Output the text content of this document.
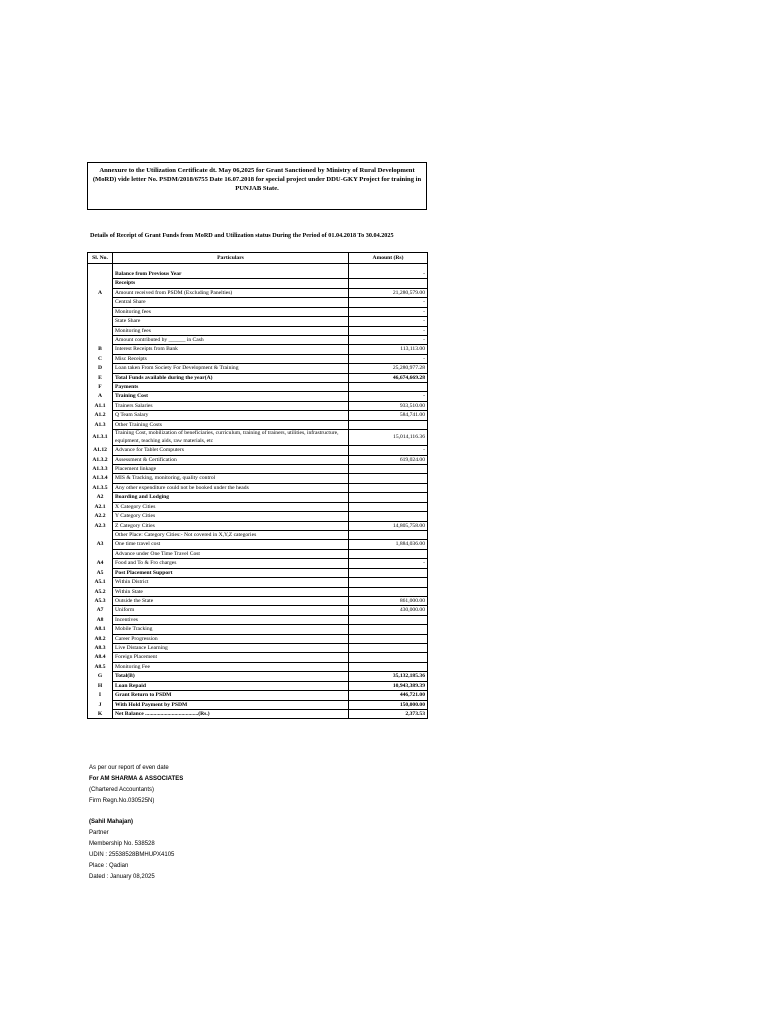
Annexure to the Utilization Certificate dt. May 06,2025 for Grant Sanctioned by Ministry of Rural Development (MoRD) vide letter No. PSDM/2018/6755 Date 16.07.2018 for special project under DDU-GKY Project for training in PUNJAB State.
Details of Receipt of Grant Funds from MoRD and Utilization status During the Period of 01.04.2018 To 30.04.2025
Sl. No.	Particulars	Amount (Rs)

	Balance from Previous Year	-
	Receipts	
A	Amount received from PSDM (Excluding Panelties)	21,280,579.00
	Central Share	-
	Monitoring fees	-
	State Share	-
	Monitoring fees	-
	Amount contributed by ______ in Cash	-
B	Interest Receipts from Bank	113,113.00
C	Misc Receipts	-
D	Loan taken From Society For Development & Training	25,280,977.28
E	Total Funds available during the year(A)	46,674,669.28
F	Payments	
A	Training Cost	-
A1.1	Trainers Salaries	933,510.00
A1.2	Q Team Salary	584,741.00
A1.3	Other Training Costs	
A1.3.1	Training Cost, mobilization of beneficiaries, curriculum, training of trainers, utilities, infrastructure, equipment, teaching aids, raw materials, etc	15,014,116.36
A1.12	Advance for Tablet Computers	-
A1.3.2	Assessment & Certification	619,024.00
A1.3.3	Placement linkage	
A1.3.4	MIS & Tracking, monitoring, quality control	
A1.3.5	Any other expenditure could not be booked under the heads	
A2	Boarding and Lodging	
A2.1	X Category Cities	
A2.2	Y Category Cities	
A2.3	Z Category Cities	14,805,758.00
	Other Place: Category Cities:- Not covered in X,Y,Z categories	
A3	One time travel cost	1,884,036.00
	Advance under One Time Travel Cost	
A4	Food and To & Fro charges	-
A5	Post Placement Support	
A5.1	Within District	
A5.2	Within State	
A5.3	Outside the State	861,000.00
A7	Uniform	430,000.00
A8	Incentives	
A8.1	Mobile Tracking	
A8.2	Career Progression	
A8.3	Live Distance Learning	
A8.4	Foreign Placement	
A8.5	Monitoring Fee	
G	Total(B)	35,132,185.36
H	Loan Repaid	10,943,389.39
I	Grant Return to PSDM	446,721.00
J	With Hold Payment by PSDM	150,000.00
K	Net Balance ......................................(Rs.)	2,373.53
As per our report of even date
For AM SHARMA & ASSOCIATES
(Chartered Accountants)
Firm Regn.No.030525N)
(Sahil Mahajan)
Partner
Membership No. 538528
UDIN : 25538528BMHUPX4105
Place : Qadian
Dated : January 08,2025
